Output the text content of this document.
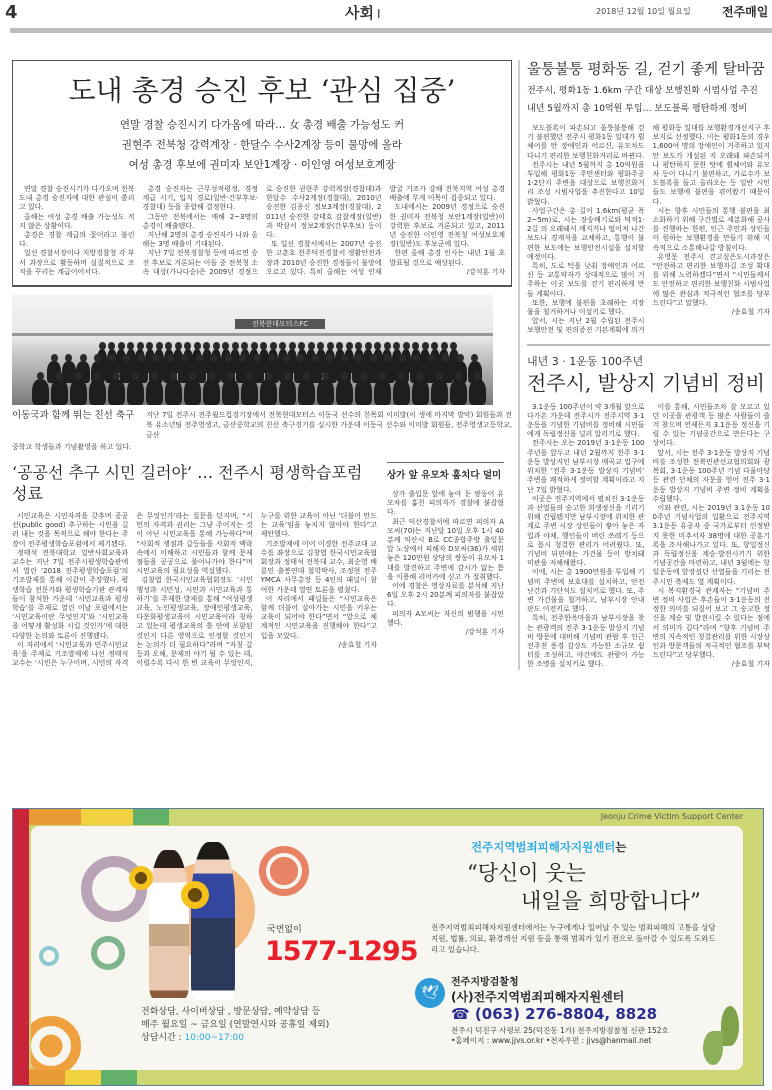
4	사회 I	2018년 12월 10일 월요일	전주매일
도내 총경 승진 후보 ‘관심 집중’
연말 경찰 승진시기 다가옴에 따라… 女 총경 배출 가능성도 커
권현주 전북청 강력계장 · 한달수 수사2계장 등이 물망에 올라
여성 총경 후보에 권미자 보안1계장 · 이인영 여성보호계장

연말 경찰 승진시기가 다가오며 전북도내 총경 승진자에 대한 관심이 쏠리고 있다.

올해는 여성 총경 배출 가능성도 적지 않은 상황이다.

총경은 경찰 계급의 꽃이라고 불린다.

일선 경찰서장이나 지방경찰청 각 부서 과장으로 활동하며 실질적으로 조직을 꾸리는 계급이어서다.

총경 승진자는 근무성적평정, 경정 계급 시기, 입직 경로(일반·간부후보·경찰대) 등을 종합해 결정한다.

그동안 전북에서는 매해 2~3명의 총경이 배출됐다.

지난해 2명의 총경 승진자가 나와 올해는 3명 배출이 기대된다.

지난 7일 전북경찰청 등에 따르면 승진 후보로 거론되는 이들 중 전북청 소속 대상(가나다순)은 2009년 경정으로 승진한 권현주 강력계장(경찰대)과 한달수 수사2계장(경찰대), 2010년 승진한 김종신 정보3계장(경찰대), 2011년 승진한 강태호 감찰계장(일반)과 박삼서 정보2계장(간부후보) 등이다.

또 일선 경찰서에서는 2007년 승진한 고춘호 전주덕진경찰서 생활안전과장과 2010년 승진한 경정들이 물망에 오르고 있다. 특히 올해는 여성 인재 발굴 기조가 강해 전북지역 여성 총경 배출에 무게 이목이 집중되고 있다.

도내에서는 2009년 경정으로 승진한 권미자 전북청 보안1계장(일반)이 강력한 후보로 거론되고 있고, 2011년 승진한 이인영 전북청 여성보호계장(일반)도 후보군에 있다.

한편 올해 총경 인사는 내년 1월 초 발표될 것으로 예상된다.

/강석훈 기자

전북현대모터스FC
이동국과 함께 뛰는 친선 축구	지난 7일 전주시 전주월드컵경기장에서 전북현대모터스 이동국 선수의 친목회 이미발(이 생에 마지막 발악) 회원들과 전북 유소년팀 전주영생고, 금산중학교의 친선 축구경기를 실시한 가운데 이동국 선수와 이미발 회원들, 전주영생고등학교, 금산
중학교 학생들과 기념촬영을 하고 있다.
‘공공선 추구 시민 길러야’ … 전주시 평생학습포럼 성료

시민교육은 시민자격을 갖추며 공공선(public good) 추구하는 시민을 길러 내는 것을 목적으로 해야 한다는 주장이 전주평생학습포럼에서 제기됐다.

정태석 전북대학교 일반사회교육과 교수는 지난 7일 전주시평생학습관에서 열린 ‘2018 전주평생학습포럼’의 기조발제를 통해 이같이 주장했다. 평생학습 전문가와 평생학습기관 관계자들이 참석한 가운데 ‘시민교육과 평생학습’를 주제로 열린 이날 포럼에서는 ‘시민교육이란 무엇인지’와 ‘시민교육을 어떻게 활성화 시킬 것인가’에 대한 다양한 논의와 토론이 진행됐다.

이 자리에서 ‘시민교육과 민주시민교육’을 주제로 기조발제에 나선 정태석 교수는 ‘시민은 누구이며, 시민의 자격은 무엇인가’라는 질문을 던지며, “시민의 자격과 권리는 그냥 주어지는 것이 아닌 시민교육을 통해 가능하다”며 “사회적 쟁점과 갈등들을 사회적 맥락 속에서 이해하고 시민들과 함께 문제점들을 공공으로 풀어나가야 한다”며 시민교육의 필요성을 역설했다.

김창엽 한국시민교육협회장도 ‘시민행성과 시민성, 시민과 시민교육과 통하기’를 주제한 발제를 통해 “여성평생교육, 노인평생교육, 장애인평생교육, 다문화평생교육이 시민교육이라 칭하고 있는데 평생교육의 틀 안에 포함된 것인지 다른 영역으로 인정할 것인지는 논의가 더 필요하다”라며 “자칫 갈등과 오해, 문제의 야기 될 수 있는 데, 이럴수록 다시 한 번 교육이 무엇인지, 누구를 위한 교육이 아닌 ‘더불어 만드는 교육’임을 놓치지 않아야 한다”고 제안했다.

기조발제에 이어 이경한 전주교대 교수를 좌장으로 김창엽 한국시민교육협회장과 정태석 전북대 교수, 최순영 배롱민 출봉연대 철학박사, 조정현 전주YMCA 사무총장 등 4인의 패널이 참여한 가운데 열띤 토론을 펼쳤다.

이 자리에서 패널들은 “시민교육은 함께 더불어 살아가는 시민을 키우는 교육이 되어야 한다”면서 “앞으로 체계적인 시민교육을 진행해야 한다”고 입을 모았다.

/송효철 기자

상가 앞 유모차 훔치다 덜미

상가 출입문 앞에 놓아 둔 쌍둥이 유모차를 훔친 피의자가 경찰에 붙잡혔다.

최근 익산경찰서에 따르면 피의자 A모씨(70)는 지난달 10일 오후 1시 40분께 익산시 B로 CC종합주방 출입문 앞 노상에서 피해자 D모씨(36)가 세워 놓은 120만원 상당의 쌍둥이 유모차 1대를 발견하고 주변에 감시가 없는 틈을 이용해 리어카에 싣고 가 절취했다.

이에 경찰은 영상자료를 분석해 지난 6일 오후 2시 20분께 피의자를 붙잡았다.

피의자 A모씨는 자신의 범행을 시인했다.

/강석훈 기자

울퉁불퉁 평화동 길, 걷기 좋게 탈바꿈
전주시, 평화1동 1.6km 구간 대상 보행친화 시범사업 추진
내년 5월까지 총 10억원 투입… 보도블록 평탄하게 정비

보도블록이 파손되고 울퉁불퉁해 걷기 불편했던 전주시 평화1동 일대가 휠체어를 탄 장애인과 어르신, 유모차도 다니기 편리한 보행친화거리로 바뀐다.

전주시는 내년 5월까지 총 10억원을 투입해 평화1동 주민센터와 평화주공 1·2단지 주변을 대상으로 보행친화거리 조성 시범사업을 추진한다고 10일 밝혔다.

사업구간은 총 길이 1.6km(평균 폭 2~5m)로, 시는 장승배기로와 덕적1·2길 의 오래돼서 깨지거나 떨어져 나간 보도나 경계석을 교체하고, 통행이 불편한 보도에는 보행안전시설을 설치할 예정이다.

특히, 도로 턱을 낮춰 장애인과 어르신 등 교통약자가 상대적으로 많이 거주하는 이곳 보도를 걷기 편리하게 만들 계획이다.

또한, 보행에 불편을 초래하는 지장물을 철거하거나 이설키로 했다.

앞서, 시는 지난 2월 수립된 전주시 보행안전 및 편의증진 기본계획에 의거해 평화동 일대를 보행환경개선지구 후보지로 선정했다. 이는 평화1동의 경우 1,600여 명의 장애인이 거주하고 있지만 보도가 개설된 지 오래돼 파손되거나 평탄하지 못한 탓에 휠체어와 유모차 등이 다니기 불편하고, 가로수가 보도블록을 들고 올라오는 등 일반 시민들도 보행에 불편을 겪어왔기 때문이다.

시는 향후 시민들의 통행 불편을 최소화하기 위해 구간별로 세분화해 공사를 진행하는 한편, 인근 주민과 상인들이 원하는 보행환경을 만들기 위해 지속적으로 소통해나갈 방침이다.

유영문 전주시 걷고싶은도시과장은 “안전하고 편리한 보행자길 조성 확대를 위해 노력하겠다”면서 “시민들께서도 안전하고 편리한 보행친화 시범사업에 많은 관심과 적극적인 협조를 당부드린다”고 말했다.

/송효철 기자

내년 3 · 1운동 100주년
전주시, 발상지 기념비 정비

3.1운동 100주년이 약 3개월 앞으로 다가온 가운데 전주시가 전주지역 3·1운동을 기념한 기념비를 정비해 시민들에게 독립정신을 널리 알리기로 했다.

전주시는 오는 2019년 3·1운동 100주년을 앞두고 내년 2월까지 전주 3·1운동 발상지인 남부시장 매곡교 입구에 위치한 ‘전주 3·1운동 발상지 기념비’ 주변을 쾌적하게 정비할 계획이라고 지난 7일 밝혔다.

이곳은 전주지역에서 펼쳐진 3·1운동과 선열들의 숭고한 희생정신을 기리기 위해 건립됐지만 남부시장에 위치한 관계로 주변 시장 상인들이 쌓아 놓은 자입과 야채, 행인들이 버린 쓰레기 등으로 몹시 청결한 관리가 어려웠다. 또, 기념비 뒤편에는 가건물 등이 방치돼 미관을 저해해왔다.

이에, 시는 총 1900만원을 투입해 기념비 주변에 보호대를 설치하고, 안전난간과 기단석도 설치키로 했다. 또, 주변 가건물을 철거하고, 남부시장 안내판도 이전키로 했다.

특히, 전주한옥마을과 남부시장을 찾는 관광객의 전주 3·1운동 발상지 기념비 방문에 대비해 기념비 관람 후 인근 전주천 풍경 감상도 가능한 소규모 쉼터를 조성하고, 야간에도 관람이 가능한 조명을 설치키로 했다.

이를 통해, 시민들조차 잘 모르고 있던 이곳을 관광객 등 많은 사람들이 즐겨 찾으며 언제든지 3.1운동 정신을 기릴 수 있는 기념공간으로 만든다는 구상이다.

앞서, 시는 전주 3·1운동 발상지 기념비를 조성한 전북민관선교협의회와 광복회, 3·1운동 100주년 기념 다울마당 등 관련 단체의 자문을 얻어 전주 3·1운동 발상지 기념비 주변 정비 계획을 수립했다.

이와 관련, 시는 2019년 3.1운동 100주년 기념사업의 일환으로 전주지역 3.1운동 유공자 중 국가로부터 인정받지 못한 미추서자 38명에 대한 공훈기록을 조사해나가고 있다. 또, 항일정신과 독립정신을 계승·발전시키기 위한 기념공간을 마련하고, 내년 3월에는 항일운동에 앞장섰던 선열들을 기리는 전주시민 축제도 열 계획이다.

시 복지환경국 관계자는 “기념비 주변 정비 사업은 후손들이 3·1운동의 진정한 의미를 되짚어 보고 그 숭고한 정신을 계승 및 발전시킬 수 있다는 점에서 의미가 깊다”라며 “향후 기념비 주변의 지속적인 청결관리를 위한 시장상인과 방문객들의 적극적인 협조를 부탁드린다”고 당부했다.

/송효철 기자

Jeonju Crime Victim Support Center
전주지역범죄피해자지원센터는
“당신이 웃는
내일을 희망합니다”
전주지역범죄피해자지원센터에서는 누구에게나 일어날 수 있는 범죄피해의 고통을 상담지원, 법률, 의료, 환경개선 지원 등을 통해 범죄가 있기 전으로 돌아갈 수 있도록 도와드리고 있습니다.
국번없이
1577-1295
전화상담, 사이버상담 , 방문상담, 예약상담 등
매주 월요일 ~ 금요일 (연말연시와 공휴일 제외)
상담시간 : 10:00~17:00
🕊
전주지방검찰청
(사)전주지역범죄피해자지원센터
☎ (063) 276-8804, 8828
전주시 덕진구 사평로 25(덕진동 1가) 전주지방검찰청 신관 152호
•홈페이지 : www.jjvs.or.kr •전자우편 : jjvs@hanmail.net
